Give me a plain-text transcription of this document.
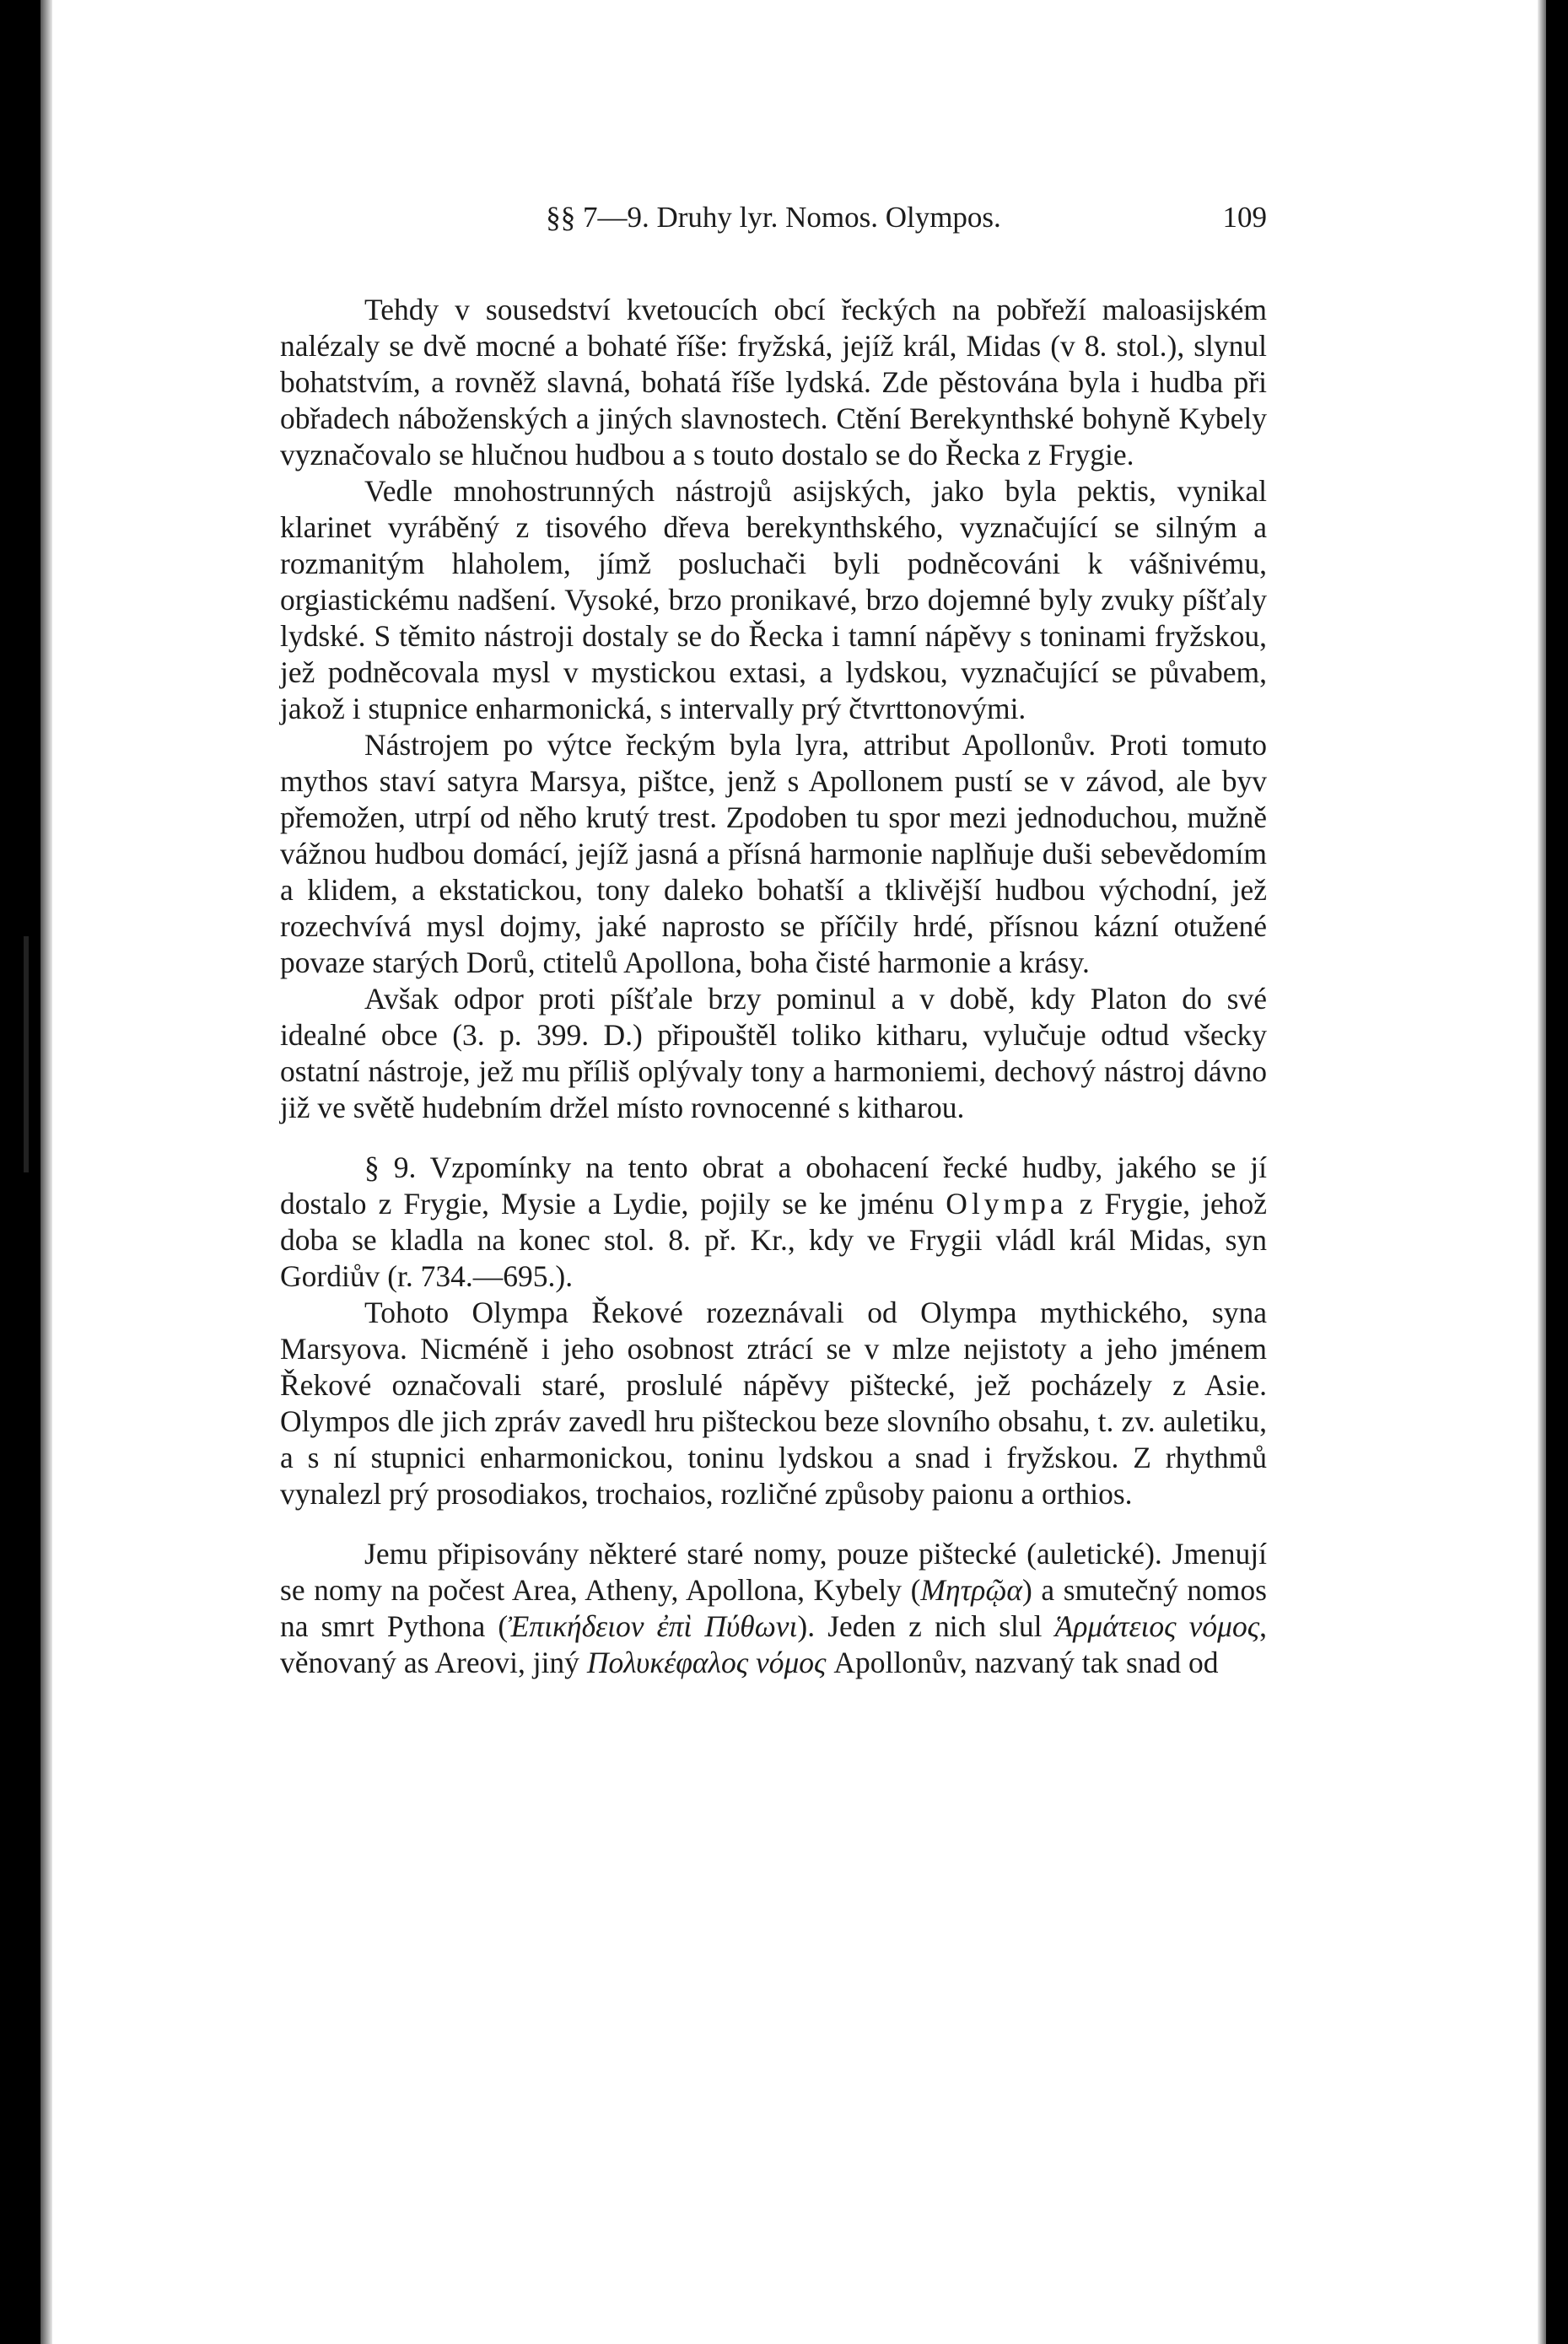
§§ 7—9. Druhy lyr. Nomos. Olympos.	109

Tehdy v sousedství kvetoucích obcí řeckých na pobřeží maloasijském nalézaly se dvě mocné a bohaté říše: fryžská, jejíž král, Midas (v 8. stol.), slynul bohatstvím, a rovněž slavná, bohatá říše lydská. Zde pěstována byla i hudba při obřadech náboženských a jiných slavnostech. Ctění Berekynthské bohyně Kybely vyznačovalo se hlučnou hudbou a s touto dostalo se do Řecka z Frygie.

Vedle mnohostrunných nástrojů asijských, jako byla pektis, vynikal klarinet vyráběný z tisového dřeva berekynthského, vyznačující se silným a rozmanitým hlaholem, jímž posluchači byli podněcováni k vášnivému, orgiastickému nadšení. Vysoké, brzo pronikavé, brzo dojemné byly zvuky píšťaly lydské. S těmito nástroji dostaly se do Řecka i tamní nápěvy s toninami fryžskou, jež podněcovala mysl v mystickou extasi, a lydskou, vyznačující se půvabem, jakož i stupnice enharmonická, s intervally prý čtvrttonovými.

Nástrojem po výtce řeckým byla lyra, attribut Apollonův. Proti tomuto mythos staví satyra Marsya, pištce, jenž s Apollonem pustí se v závod, ale byv přemožen, utrpí od něho krutý trest. Zpodoben tu spor mezi jednoduchou, mužně vážnou hudbou domácí, jejíž jasná a přísná harmonie naplňuje duši sebevědomím a klidem, a ekstatickou, tony daleko bohatší a tklivější hudbou východní, jež rozechvívá mysl dojmy, jaké naprosto se příčily hrdé, přísnou kázní otužené povaze starých Dorů, ctitelů Apollona, boha čisté harmonie a krásy.

Avšak odpor proti píšťale brzy pominul a v době, kdy Platon do své idealné obce (3. p. 399. D.) připouštěl toliko kitharu, vylučuje odtud všecky ostatní nástroje, jež mu příliš oplývaly tony a harmoniemi, dechový nástroj dávno již ve světě hudebním držel místo rovnocenné s kitharou.

§ 9. Vzpomínky na tento obrat a obohacení řecké hudby, jakého se jí dostalo z Frygie, Mysie a Lydie, pojily se ke jménu Olympa z Frygie, jehož doba se kladla na konec stol. 8. př. Kr., kdy ve Frygii vládl král Midas, syn Gordiův (r. 734.—695.).

Tohoto Olympa Řekové rozeznávali od Olympa mythického, syna Marsyova. Nicméně i jeho osobnost ztrácí se v mlze nejistoty a jeho jménem Řekové označovali staré, proslulé nápěvy pištecké, jež pocházely z Asie. Olympos dle jich zpráv zavedl hru pišteckou beze slovního obsahu, t. zv. auletiku, a s ní stupnici enharmonickou, toninu lydskou a snad i fryžskou. Z rhythmů vynalezl prý prosodiakos, trochaios, rozličné způsoby paionu a orthios.

Jemu připisovány některé staré nomy, pouze pištecké (auletické). Jmenují se nomy na počest Area, Atheny, Apollona, Kybely (Μητρῷα) a smutečný nomos na smrt Pythona (Ἐπικήδειον ἐπὶ Πύθωνι). Jeden z nich slul Ἁρμάτειος νόμος, věnovaný as Areovi, jiný Πολυκέφαλος νόμος Apollonův, nazvaný tak snad od
